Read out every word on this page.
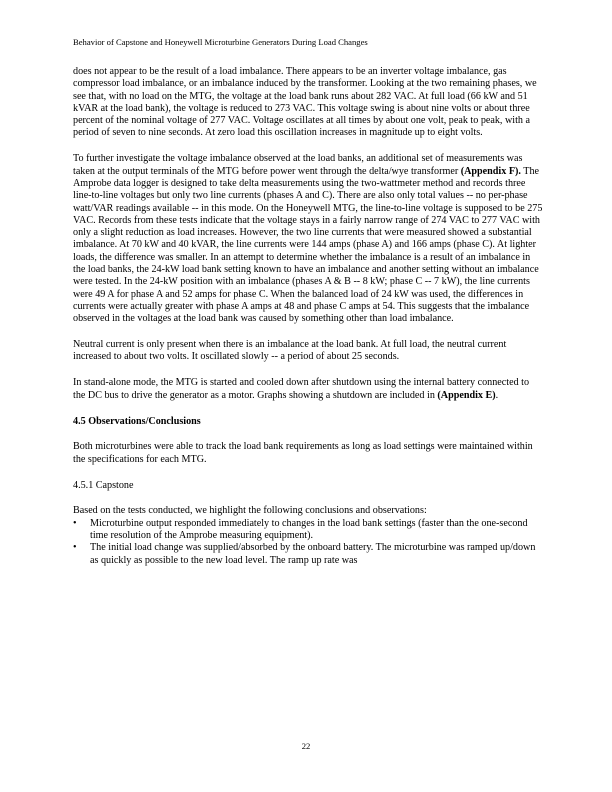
Behavior of Capstone and Honeywell Microturbine Generators During Load Changes

does not appear to be the result of a load imbalance. There appears to be an inverter voltage imbalance, gas compressor load imbalance, or an imbalance induced by the transformer. Looking at the two remaining phases, we see that, with no load on the MTG, the voltage at the load bank runs about 282 VAC. At full load (66 kW and 51 kVAR at the load bank), the voltage is reduced to 273 VAC. This voltage swing is about nine volts or about three percent of the nominal voltage of 277 VAC. Voltage oscillates at all times by about one volt, peak to peak, with a period of seven to nine seconds. At zero load this oscillation increases in magnitude up to eight volts.

To further investigate the voltage imbalance observed at the load banks, an additional set of measurements was taken at the output terminals of the MTG before power went through the delta/wye transformer (Appendix F). The Amprobe data logger is designed to take delta measurements using the two-wattmeter method and records three line-to-line voltages but only two line currents (phases A and C). There are also only total values -- no per-phase watt/VAR readings available -- in this mode. On the Honeywell MTG, the line-to-line voltage is supposed to be 275 VAC. Records from these tests indicate that the voltage stays in a fairly narrow range of 274 VAC to 277 VAC with only a slight reduction as load increases. However, the two line currents that were measured showed a substantial imbalance. At 70 kW and 40 kVAR, the line currents were 144 amps (phase A) and 166 amps (phase C). At lighter loads, the difference was smaller. In an attempt to determine whether the imbalance is a result of an imbalance in the load banks, the 24-kW load bank setting known to have an imbalance and another setting without an imbalance were tested. In the 24-kW position with an imbalance (phases A & B -- 8 kW; phase C -- 7 kW), the line currents were 49 A for phase A and 52 amps for phase C. When the balanced load of 24 kW was used, the differences in currents were actually greater with phase A amps at 48 and phase C amps at 54. This suggests that the imbalance observed in the voltages at the load bank was caused by something other than load imbalance.

Neutral current is only present when there is an imbalance at the load bank. At full load, the neutral current increased to about two volts. It oscillated slowly -- a period of about 25 seconds.

In stand-alone mode, the MTG is started and cooled down after shutdown using the internal battery connected to the DC bus to drive the generator as a motor. Graphs showing a shutdown are included in (Appendix E).

4.5 Observations/Conclusions

Both microturbines were able to track the load bank requirements as long as load settings were maintained within the specifications for each MTG.

4.5.1 Capstone

Based on the tests conducted, we highlight the following conclusions and observations:

• Microturbine output responded immediately to changes in the load bank settings (faster than the one-second time resolution of the Amprobe measuring equipment).
• The initial load change was supplied/absorbed by the onboard battery. The microturbine was ramped up/down as quickly as possible to the new load level. The ramp up rate was
22
